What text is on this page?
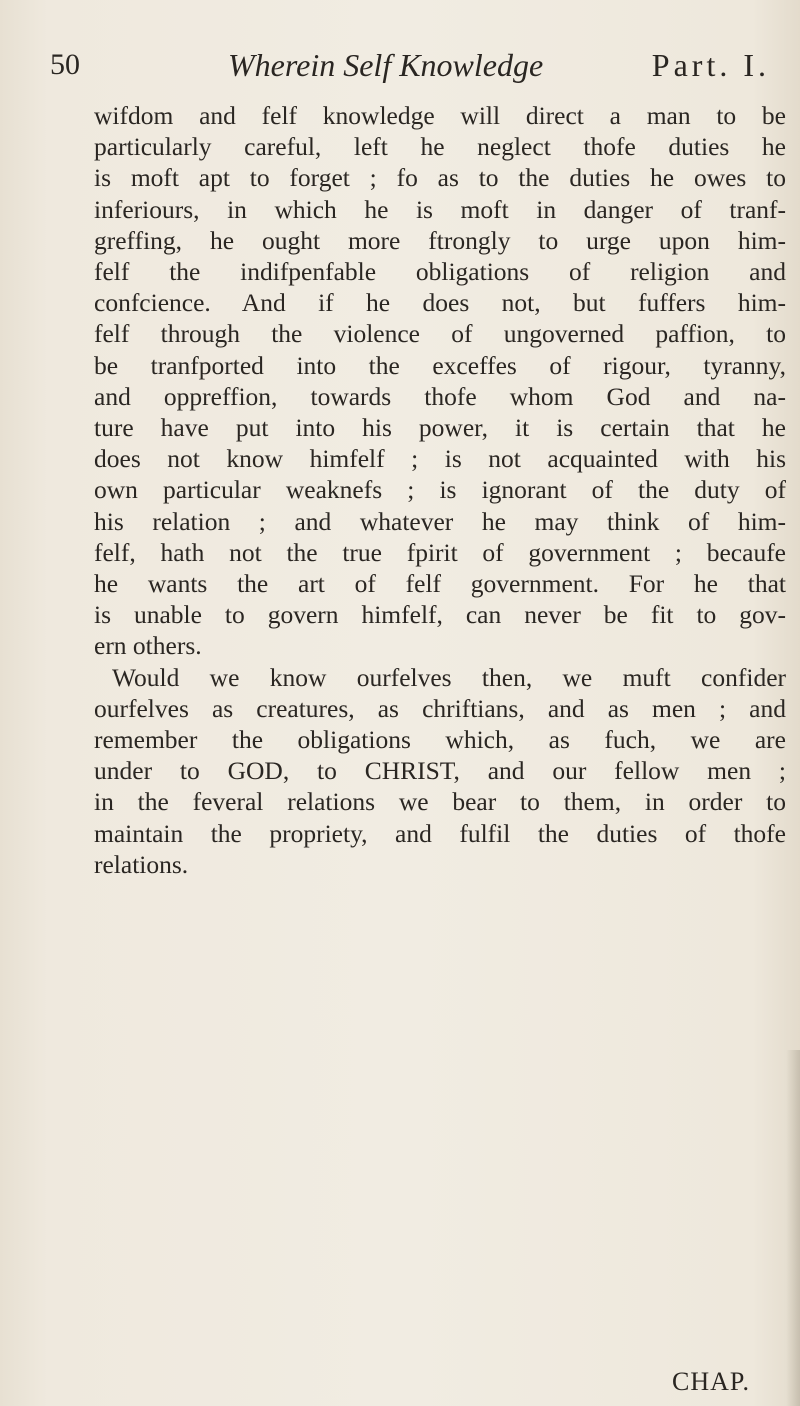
50	Wherein Self Knowledge	Part. I.
wifdom and felf knowledge will direct a man to be
particularly careful, left he neglect thofe duties he
is moft apt to forget ; fo as to the duties he owes to
inferiours, in which he is moft in danger of tranf-
greffing, he ought more ftrongly to urge upon him-
felf the indifpenfable obligations of religion and
confcience. And if he does not, but fuffers him-
felf through the violence of ungoverned paffion, to
be tranfported into the exceffes of rigour, tyranny,
and oppreffion, towards thofe whom God and na-
ture have put into his power, it is certain that he
does not know himfelf ; is not acquainted with his
own particular weaknefs ; is ignorant of the duty of
his relation ; and whatever he may think of him-
felf, hath not the true fpirit of government ; becaufe
he wants the art of felf government. For he that
is unable to govern himfelf, can never be fit to gov-
ern others.
Would we know ourfelves then, we muft confider
ourfelves as creatures, as chriftians, and as men ; and
remember the obligations which, as fuch, we are
under to GOD, to CHRIST, and our fellow men ;
in the feveral relations we bear to them, in order to
maintain the propriety, and fulfil the duties of thofe
relations.
CHAP.
